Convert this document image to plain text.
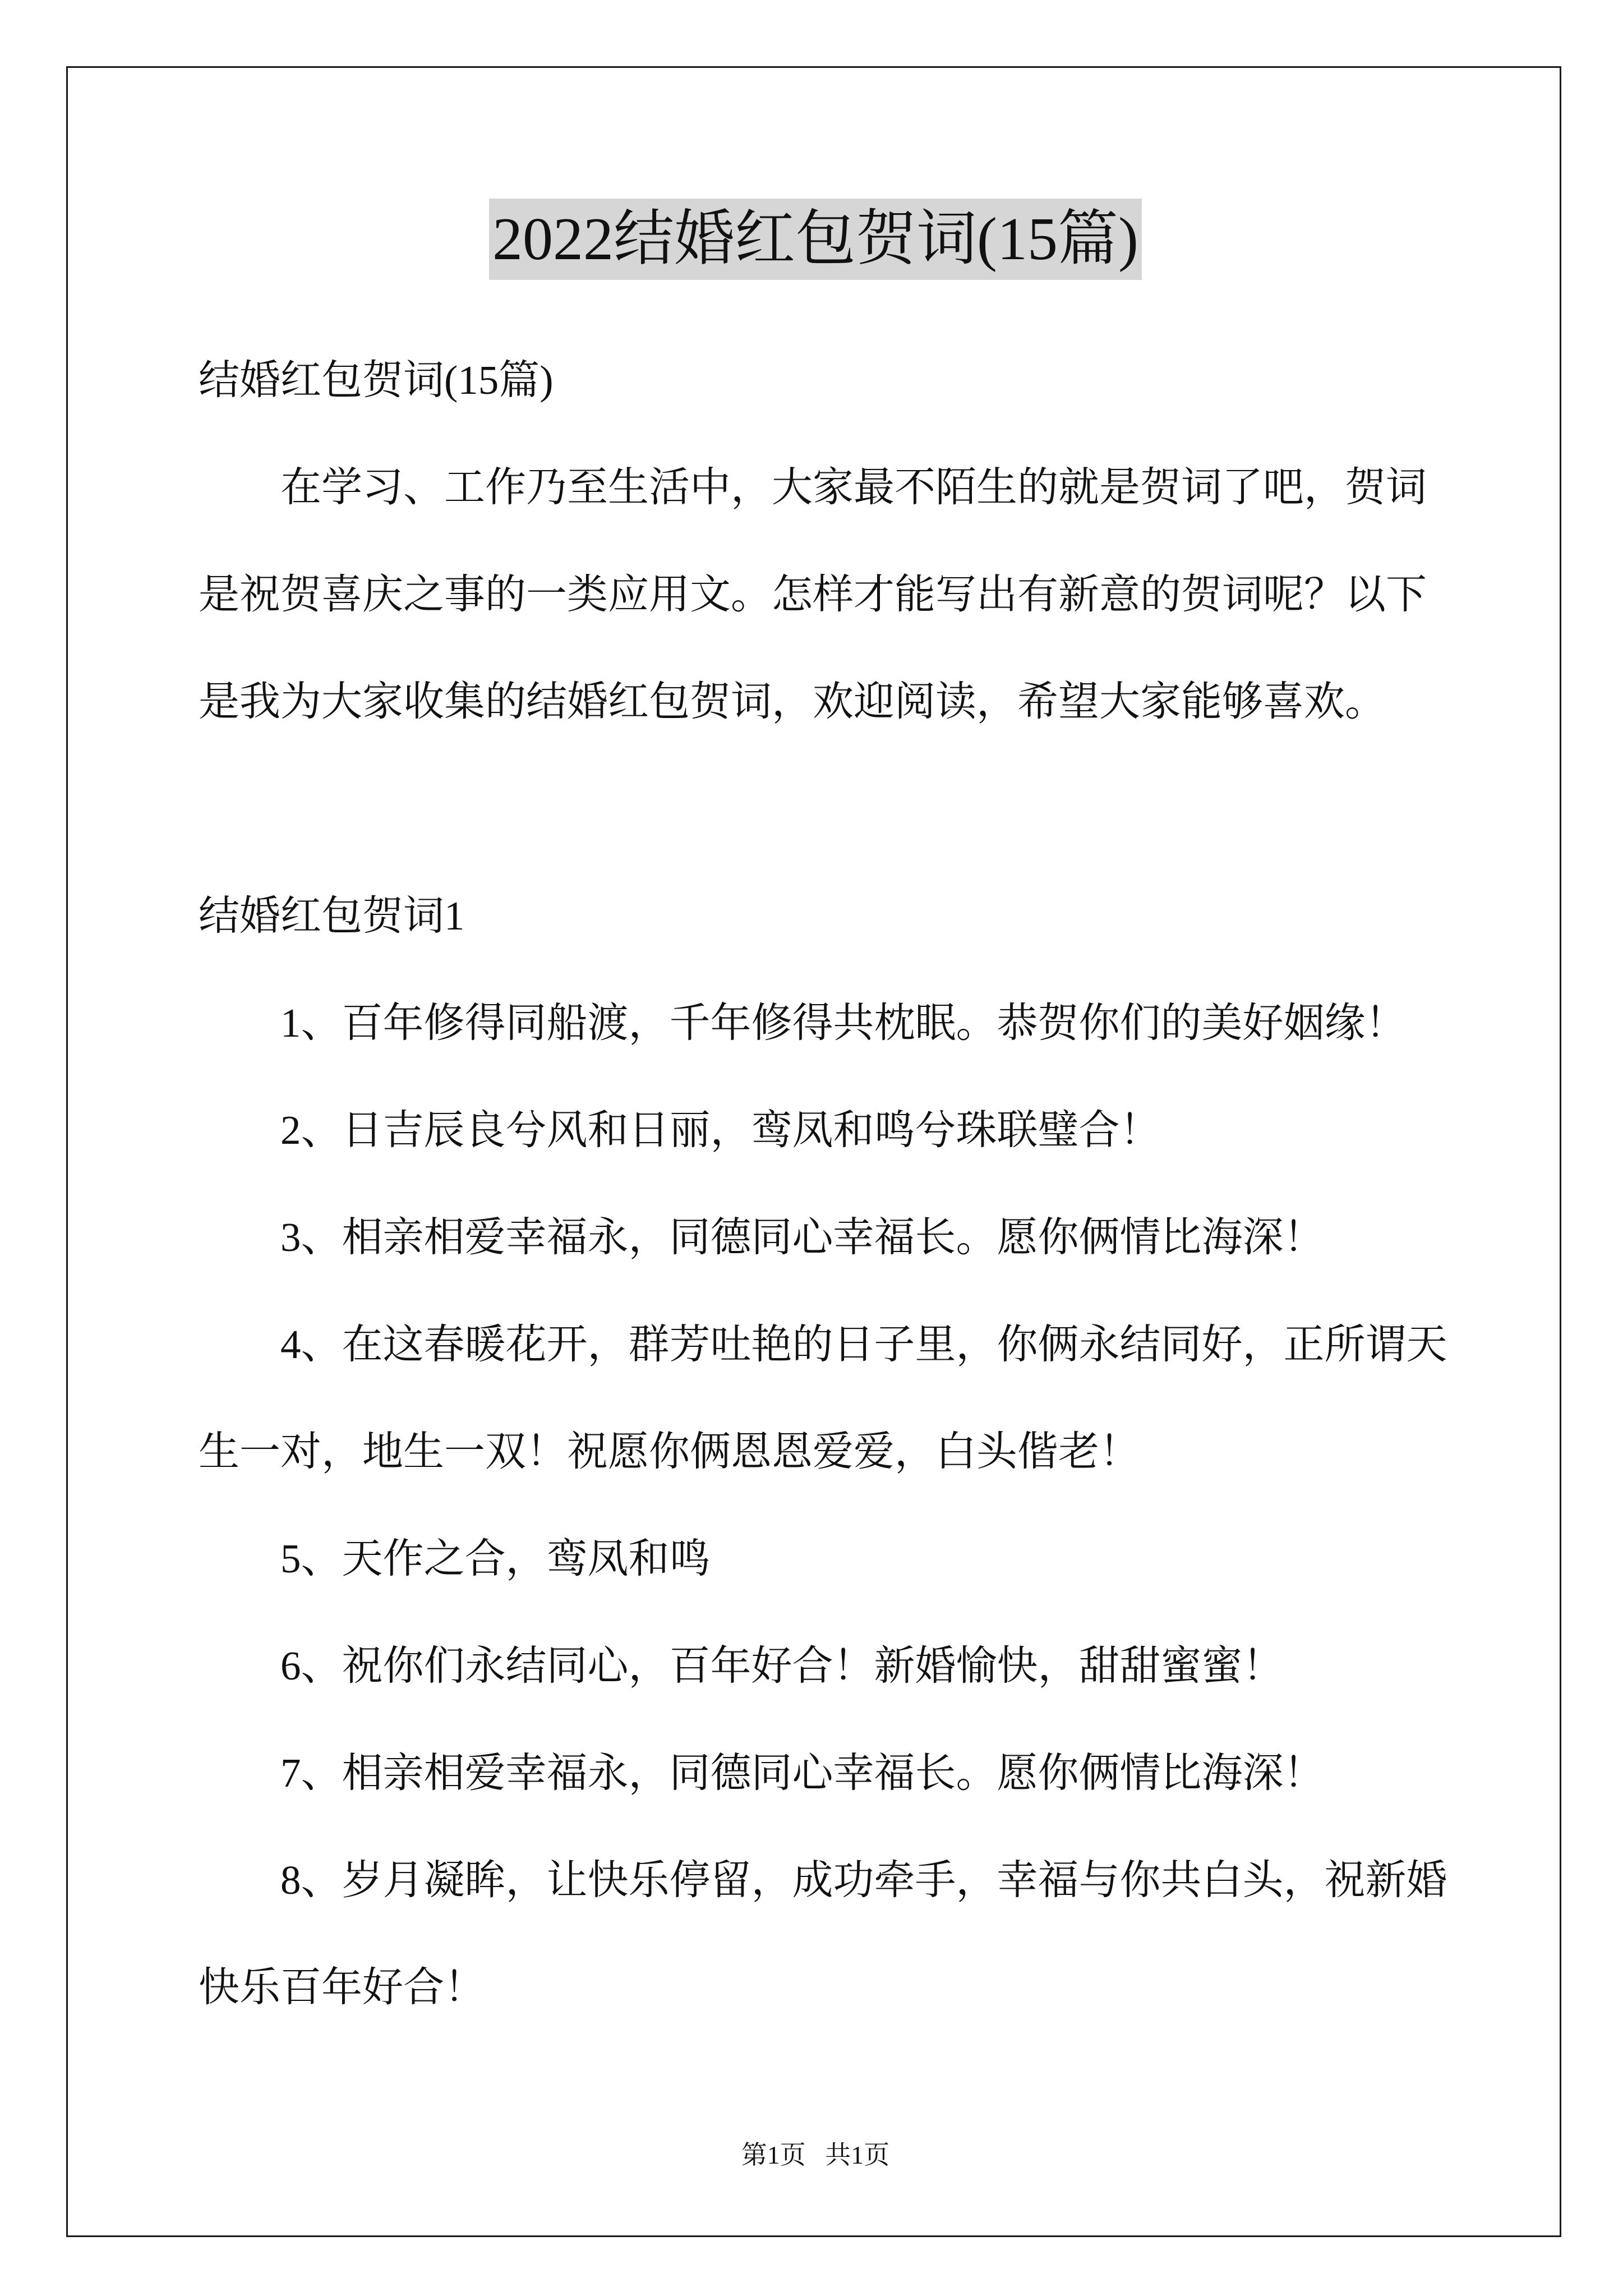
2022结婚红包贺词(15篇)
结婚红包贺词(15篇)
在学习、工作乃至生活中，大家最不陌生的就是贺词了吧，贺词
是祝贺喜庆之事的一类应用文。怎样才能写出有新意的贺词呢？以下
是我为大家收集的结婚红包贺词，欢迎阅读，希望大家能够喜欢。
结婚红包贺词1
1、百年修得同船渡，千年修得共枕眠。恭贺你们的美好姻缘！
2、日吉辰良兮风和日丽，鸾凤和鸣兮珠联璧合！
3、相亲相爱幸福永，同德同心幸福长。愿你俩情比海深！
4、在这春暖花开，群芳吐艳的日子里，你俩永结同好，正所谓天
生一对，地生一双！祝愿你俩恩恩爱爱，白头偕老！
5、天作之合，鸾凤和鸣
6、祝你们永结同心，百年好合！新婚愉快，甜甜蜜蜜！
7、相亲相爱幸福永，同德同心幸福长。愿你俩情比海深！
8、岁月凝眸，让快乐停留，成功牵手，幸福与你共白头，祝新婚
快乐百年好合！
第1页   共1页
